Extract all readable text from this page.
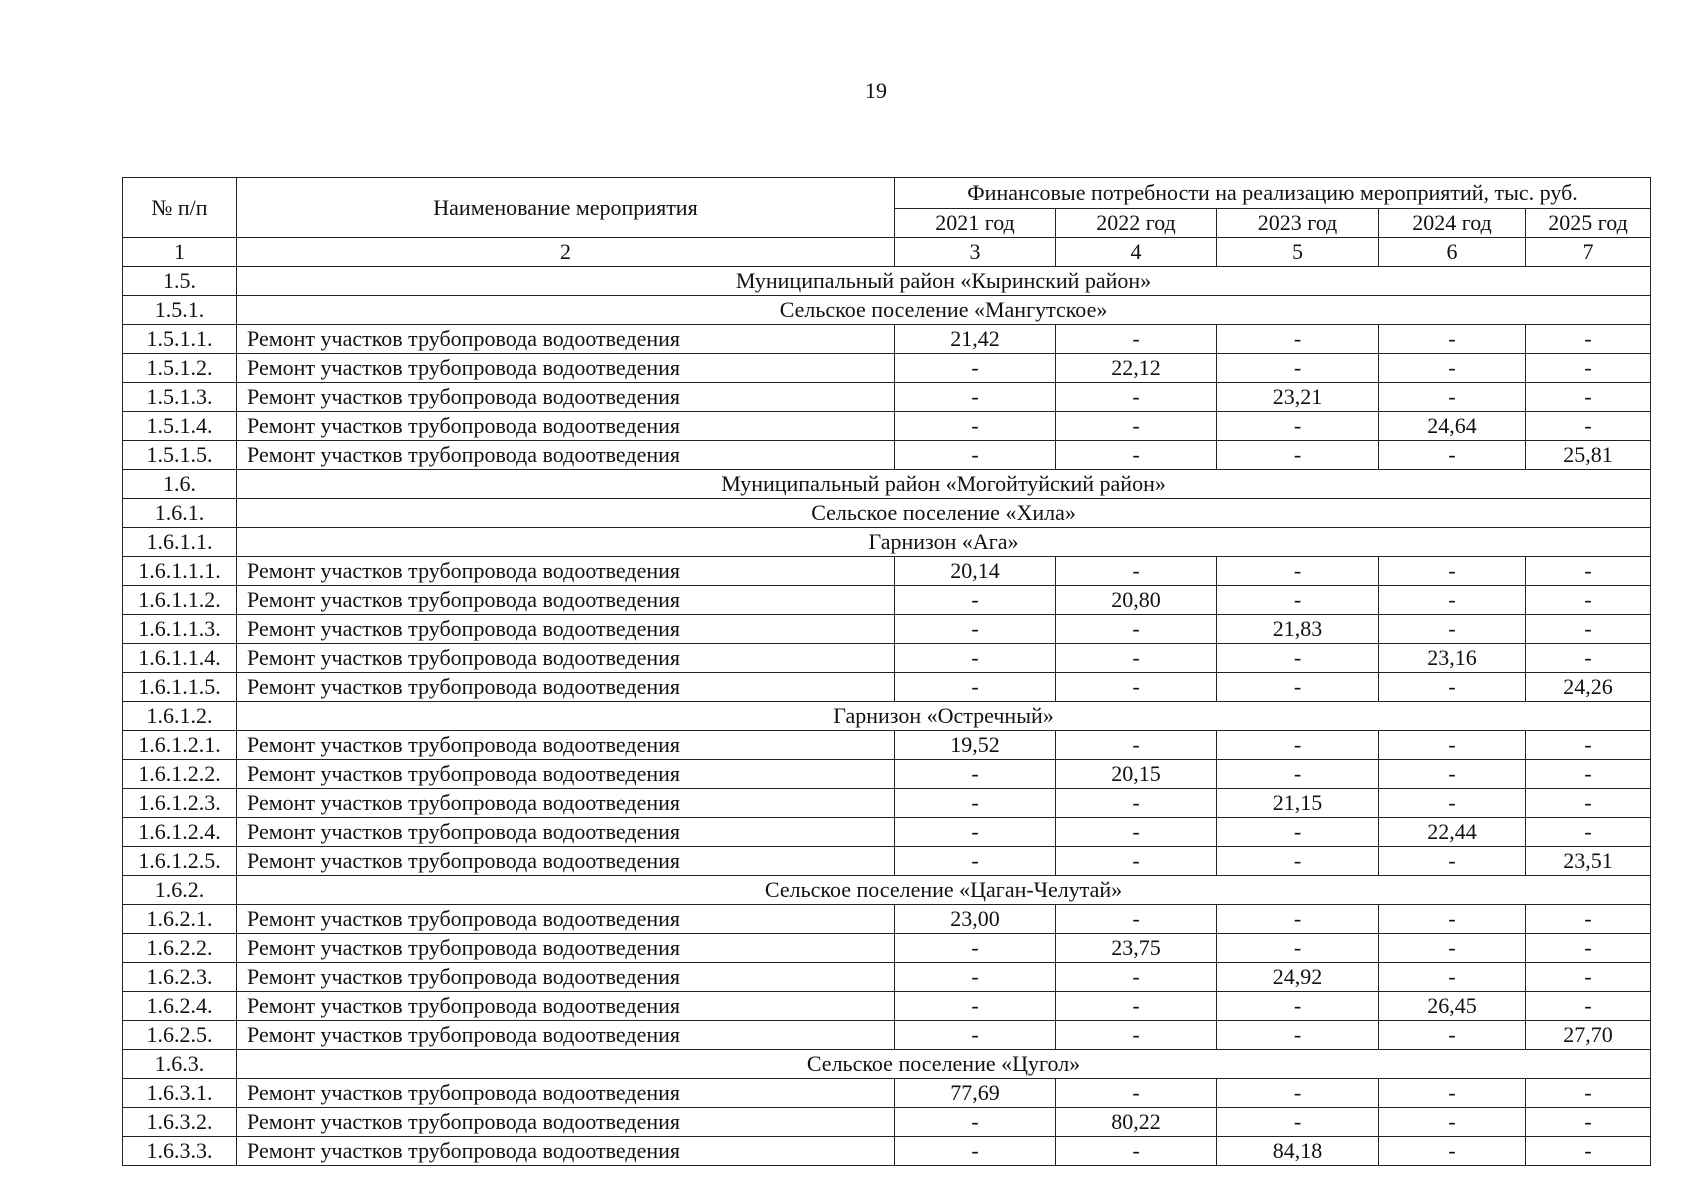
19
№ п/п	Наименование мероприятия	Финансовые потребности на реализацию мероприятий, тыс. руб.				
		2021 год	2022 год	2023 год	2024 год	2025 год
1	2	3	4	5	6	7
1.5.	Муниципальный район «Кыринский район»					
1.5.1.	Сельское поселение «Мангутское»					
1.5.1.1.	Ремонт участков трубопровода водоотведения	21,42	-	-	-	-
1.5.1.2.	Ремонт участков трубопровода водоотведения	-	22,12	-	-	-
1.5.1.3.	Ремонт участков трубопровода водоотведения	-	-	23,21	-	-
1.5.1.4.	Ремонт участков трубопровода водоотведения	-	-	-	24,64	-
1.5.1.5.	Ремонт участков трубопровода водоотведения	-	-	-	-	25,81
1.6.	Муниципальный район «Могойтуйский район»					
1.6.1.	Сельское поселение «Хила»					
1.6.1.1.	Гарнизон «Ага»					
1.6.1.1.1.	Ремонт участков трубопровода водоотведения	20,14	-	-	-	-
1.6.1.1.2.	Ремонт участков трубопровода водоотведения	-	20,80	-	-	-
1.6.1.1.3.	Ремонт участков трубопровода водоотведения	-	-	21,83	-	-
1.6.1.1.4.	Ремонт участков трубопровода водоотведения	-	-	-	23,16	-
1.6.1.1.5.	Ремонт участков трубопровода водоотведения	-	-	-	-	24,26
1.6.1.2.	Гарнизон «Остречный»					
1.6.1.2.1.	Ремонт участков трубопровода водоотведения	19,52	-	-	-	-
1.6.1.2.2.	Ремонт участков трубопровода водоотведения	-	20,15	-	-	-
1.6.1.2.3.	Ремонт участков трубопровода водоотведения	-	-	21,15	-	-
1.6.1.2.4.	Ремонт участков трубопровода водоотведения	-	-	-	22,44	-
1.6.1.2.5.	Ремонт участков трубопровода водоотведения	-	-	-	-	23,51
1.6.2.	Сельское поселение «Цаган-Челутай»					
1.6.2.1.	Ремонт участков трубопровода водоотведения	23,00	-	-	-	-
1.6.2.2.	Ремонт участков трубопровода водоотведения	-	23,75	-	-	-
1.6.2.3.	Ремонт участков трубопровода водоотведения	-	-	24,92	-	-
1.6.2.4.	Ремонт участков трубопровода водоотведения	-	-	-	26,45	-
1.6.2.5.	Ремонт участков трубопровода водоотведения	-	-	-	-	27,70
1.6.3.	Сельское поселение «Цугол»					
1.6.3.1.	Ремонт участков трубопровода водоотведения	77,69	-	-	-	-
1.6.3.2.	Ремонт участков трубопровода водоотведения	-	80,22	-	-	-
1.6.3.3.	Ремонт участков трубопровода водоотведения	-	-	84,18	-	-
